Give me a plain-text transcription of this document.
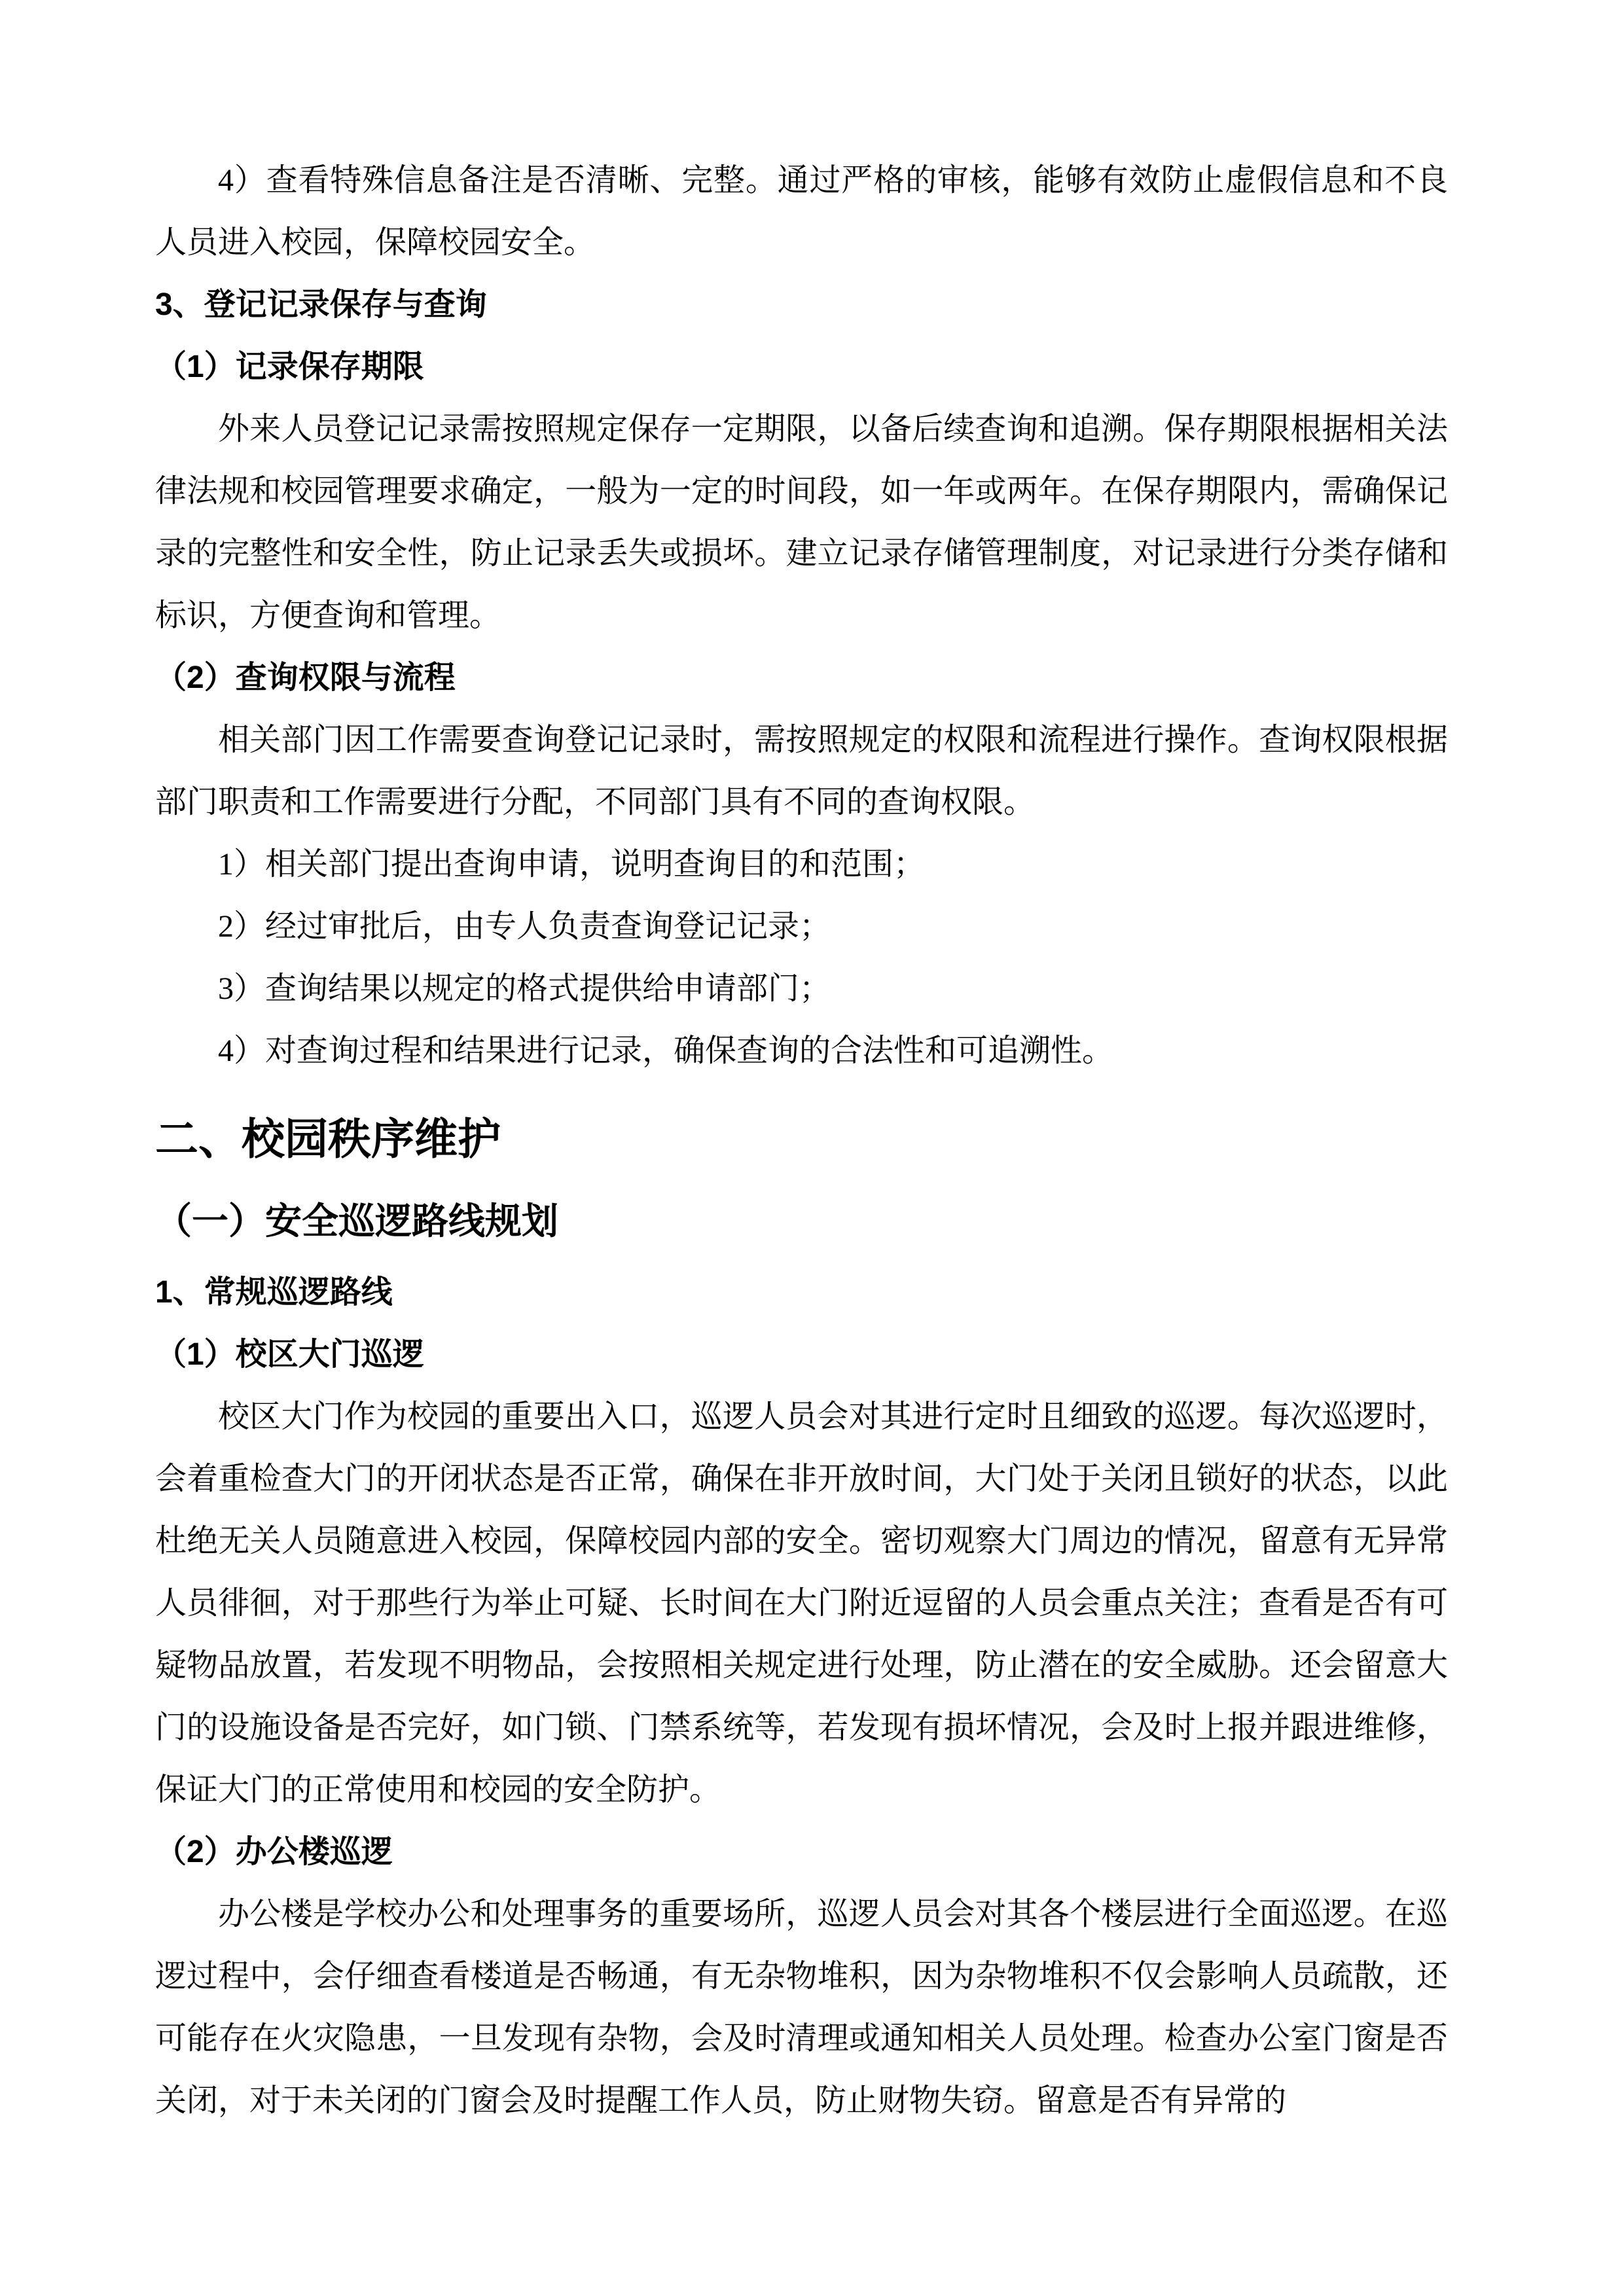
4）查看特殊信息备注是否清晰、完整。通过严格的审核，能够有效防止虚假信息和不良人员进入校园，保障校园安全。

3、登记记录保存与查询
（1）记录保存期限

外来人员登记记录需按照规定保存一定期限，以备后续查询和追溯。保存期限根据相关法律法规和校园管理要求确定，一般为一定的时间段，如一年或两年。在保存期限内，需确保记录的完整性和安全性，防止记录丢失或损坏。建立记录存储管理制度，对记录进行分类存储和标识，方便查询和管理。

（2）查询权限与流程

相关部门因工作需要查询登记记录时，需按照规定的权限和流程进行操作。查询权限根据部门职责和工作需要进行分配，不同部门具有不同的查询权限。

1）相关部门提出查询申请，说明查询目的和范围；

2）经过审批后，由专人负责查询登记记录；

3）查询结果以规定的格式提供给申请部门；

4）对查询过程和结果进行记录，确保查询的合法性和可追溯性。

二、校园秩序维护
（一）安全巡逻路线规划
1、常规巡逻路线
（1）校区大门巡逻

校区大门作为校园的重要出入口，巡逻人员会对其进行定时且细致的巡逻。每次巡逻时，会着重检查大门的开闭状态是否正常，确保在非开放时间，大门处于关闭且锁好的状态，以此杜绝无关人员随意进入校园，保障校园内部的安全。密切观察大门周边的情况，留意有无异常人员徘徊，对于那些行为举止可疑、长时间在大门附近逗留的人员会重点关注；查看是否有可疑物品放置，若发现不明物品，会按照相关规定进行处理，防止潜在的安全威胁。还会留意大门的设施设备是否完好，如门锁、门禁系统等，若发现有损坏情况，会及时上报并跟进维修，保证大门的正常使用和校园的安全防护。

（2）办公楼巡逻

办公楼是学校办公和处理事务的重要场所，巡逻人员会对其各个楼层进行全面巡逻。在巡逻过程中，会仔细查看楼道是否畅通，有无杂物堆积，因为杂物堆积不仅会影响人员疏散，还可能存在火灾隐患，一旦发现有杂物，会及时清理或通知相关人员处理。检查办公室门窗是否关闭，对于未关闭的门窗会及时提醒工作人员，防止财物失窃。留意是否有异常的
